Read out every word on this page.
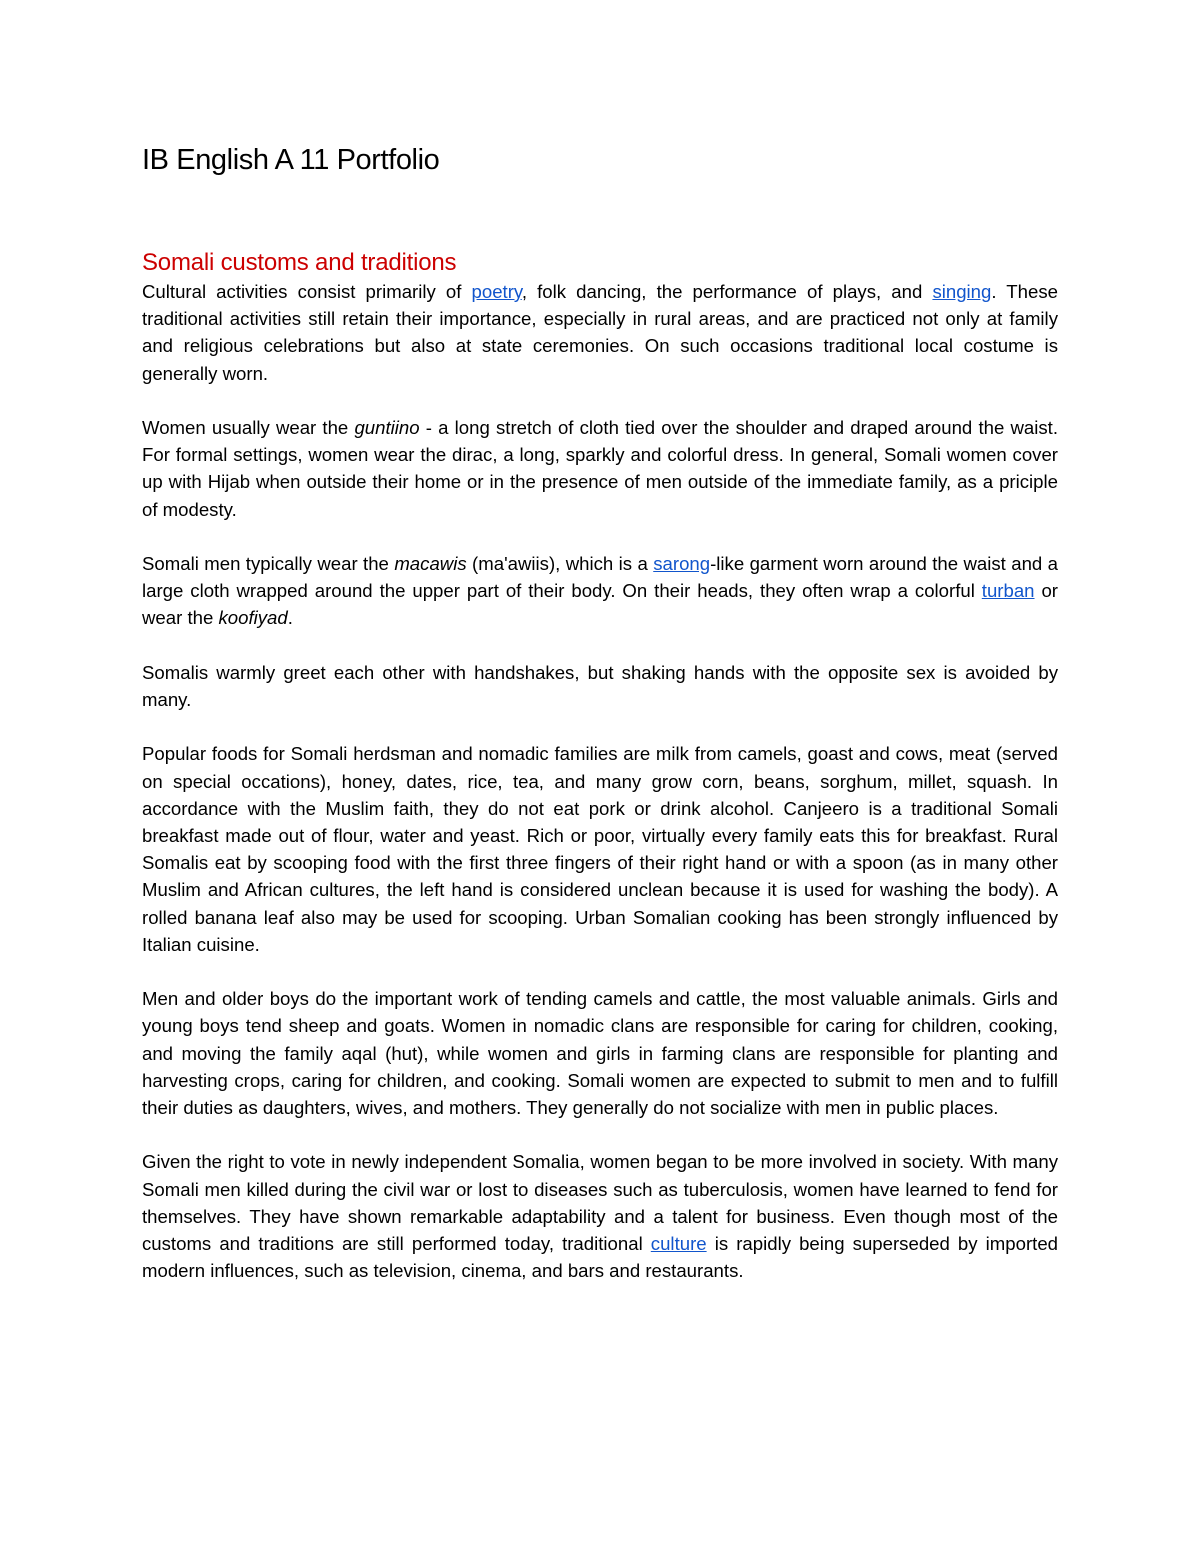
IB English A 11 Portfolio
Somali customs and traditions

Cultural activities consist primarily of poetry, folk dancing, the performance of plays, and singing. These traditional activities still retain their importance, especially in rural areas, and are practiced not only at family and religious celebrations but also at state ceremonies. On such occasions traditional local costume is generally worn.

Women usually wear the guntiino - a long stretch of cloth tied over the shoulder and draped around the waist. For formal settings, women wear the dirac, a long, sparkly and colorful dress. In general, Somali women cover up with Hijab when outside their home or in the presence of men outside of the immediate family, as a priciple of modesty.

Somali men typically wear the macawis (ma'awiis), which is a sarong-like garment worn around the waist and a large cloth wrapped around the upper part of their body. On their heads, they often wrap a colorful turban or wear the koofiyad.

Somalis warmly greet each other with handshakes, but shaking hands with the opposite sex is avoided by many.

Popular foods for Somali herdsman and nomadic families are milk from camels, goast and cows, meat (served on special occations), honey, dates, rice, tea, and many grow corn, beans, sorghum, millet, squash. In accordance with the Muslim faith, they do not eat pork or drink alcohol. Canjeero is a traditional Somali breakfast made out of flour, water and yeast. Rich or poor, virtually every family eats this for breakfast. Rural Somalis eat by scooping food with the first three fingers of their right hand or with a spoon (as in many other Muslim and African cultures, the left hand is considered unclean because it is used for washing the body). A rolled banana leaf also may be used for scooping. Urban Somalian cooking has been strongly influenced by Italian cuisine.

Men and older boys do the important work of tending camels and cattle, the most valuable animals. Girls and young boys tend sheep and goats. Women in nomadic clans are responsible for caring for children, cooking, and moving the family aqal (hut), while women and girls in farming clans are responsible for planting and harvesting crops, caring for children, and cooking. Somali women are expected to submit to men and to fulfill their duties as daughters, wives, and mothers. They generally do not socialize with men in public places.

Given the right to vote in newly independent Somalia, women began to be more involved in society. With many Somali men killed during the civil war or lost to diseases such as tuberculosis, women have learned to fend for themselves. They have shown remarkable adaptability and a talent for business. Even though most of the customs and traditions are still performed today, traditional culture is rapidly being superseded by imported modern influences, such as television, cinema, and bars and restaurants.
